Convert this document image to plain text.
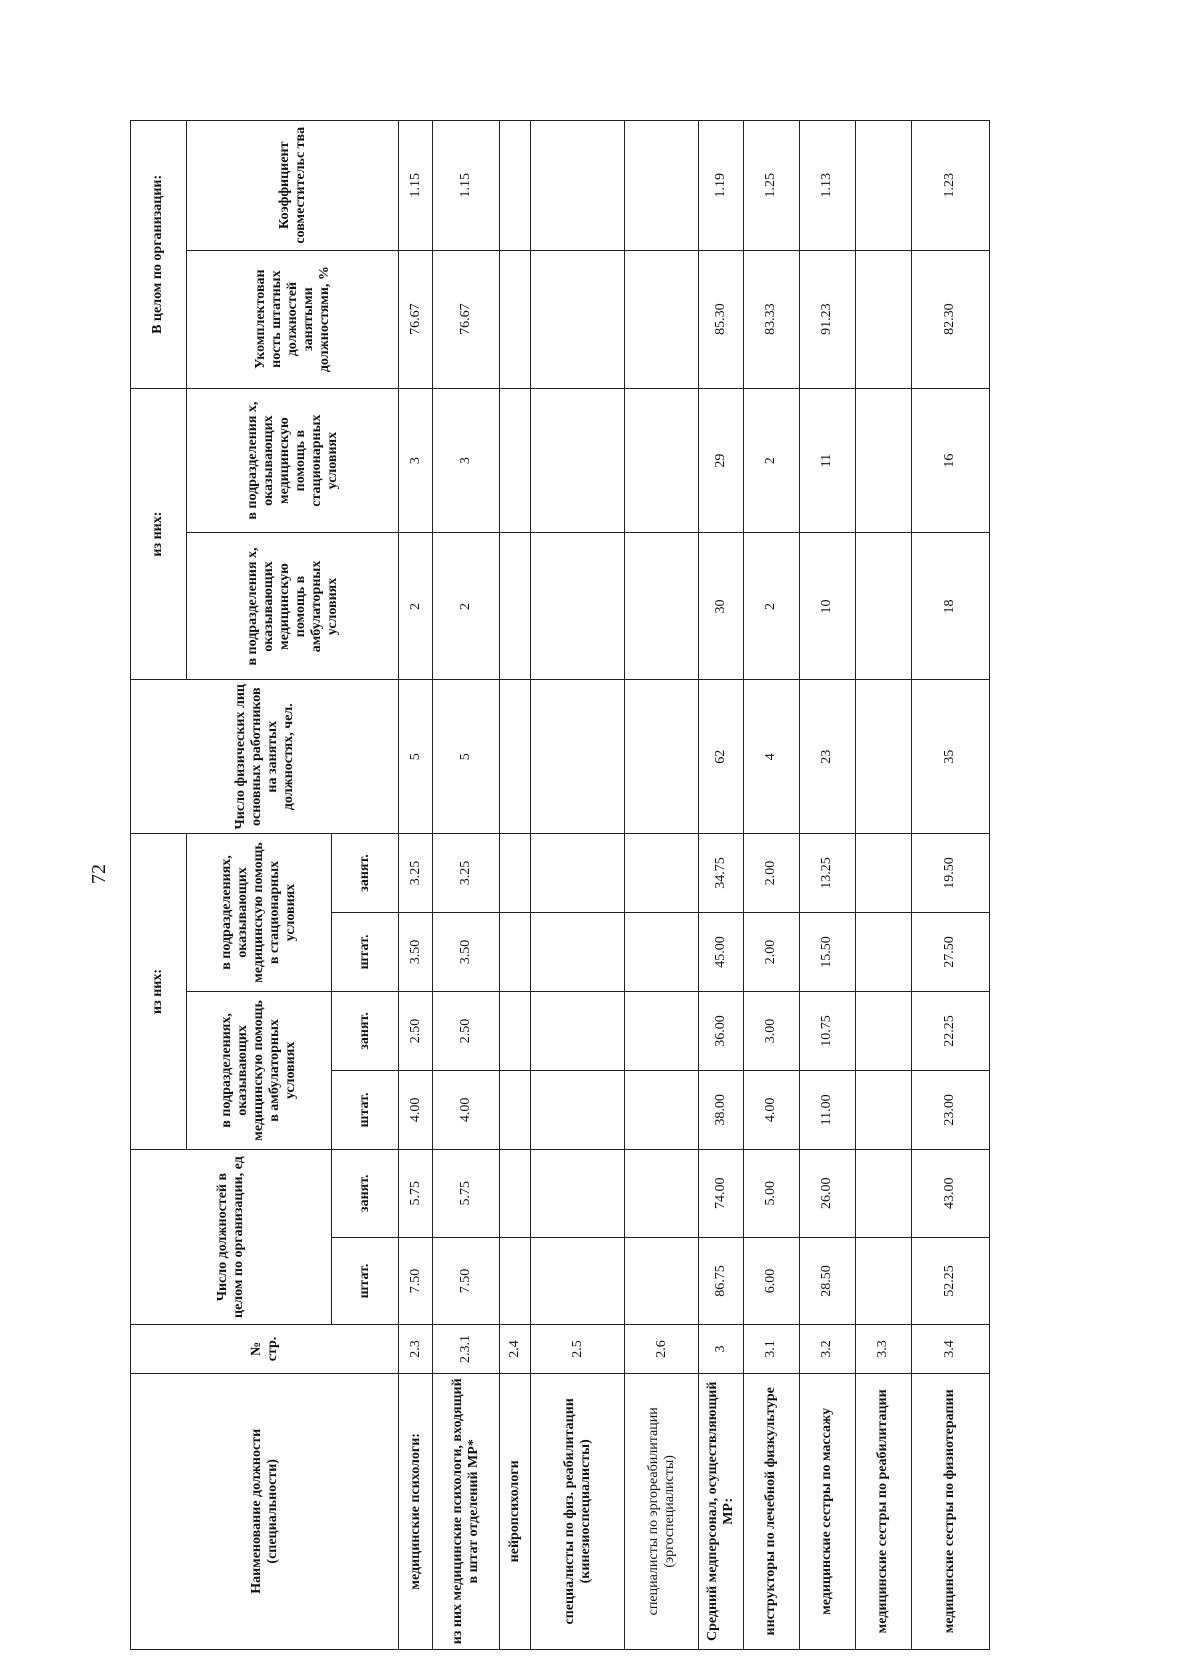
72
Наименование должности (специальности)	№ стр.	Число должностей в целом по организации, ед		из них:				Число физических лиц основных работников на занятых должностях, чел.	из них:		В целом по организации:	
				в подразделениях, оказывающих медицинскую помощь в амбулаторных условиях		в подразделениях, оказывающих медицинскую помощь в стационарных условиях			в подразделения х, оказывающих медицинскую помощь в амбулаторных условиях	в подразделения х, оказывающих медицинскую помощь в стационарных условиях	Укомплектован ность штатных должностей занятыми должностями, %	Коэффициент совместительс тва

		штат.	занят.	штат.	занят.	штат.	занят.					
медицинские психологи:	2.3	7.50	5.75	4.00	2.50	3.50	3.25	5	2	3	76.67	1.15
из них медицинские психологи, входящий в штат отделений МР*	2.3.1	7.50	5.75	4.00	2.50	3.50	3.25	5	2	3	76.67	1.15
нейропсихологи	2.4											
специалисты по физ. реабилитации (кинезиоспециалисты)	2.5											
специалисты по эргореабилитации (эргоспециалисты)	2.6											
Средний медперсонал, осуществляющий МР:	3	86.75	74.00	38.00	36.00	45.00	34.75	62	30	29	85.30	1.19
инструкторы по лечебной физкультуре	3.1	6.00	5.00	4.00	3.00	2.00	2.00	4	2	2	83.33	1.25
медицинские сестры по массажу	3.2	28.50	26.00	11.00	10.75	15.50	13.25	23	10	11	91.23	1.13
медицинские сестры по реабилитации	3.3											
медицинские сестры по физиотерапии	3.4	52.25	43.00	23.00	22.25	27.50	19.50	35	18	16	82.30	1.23
